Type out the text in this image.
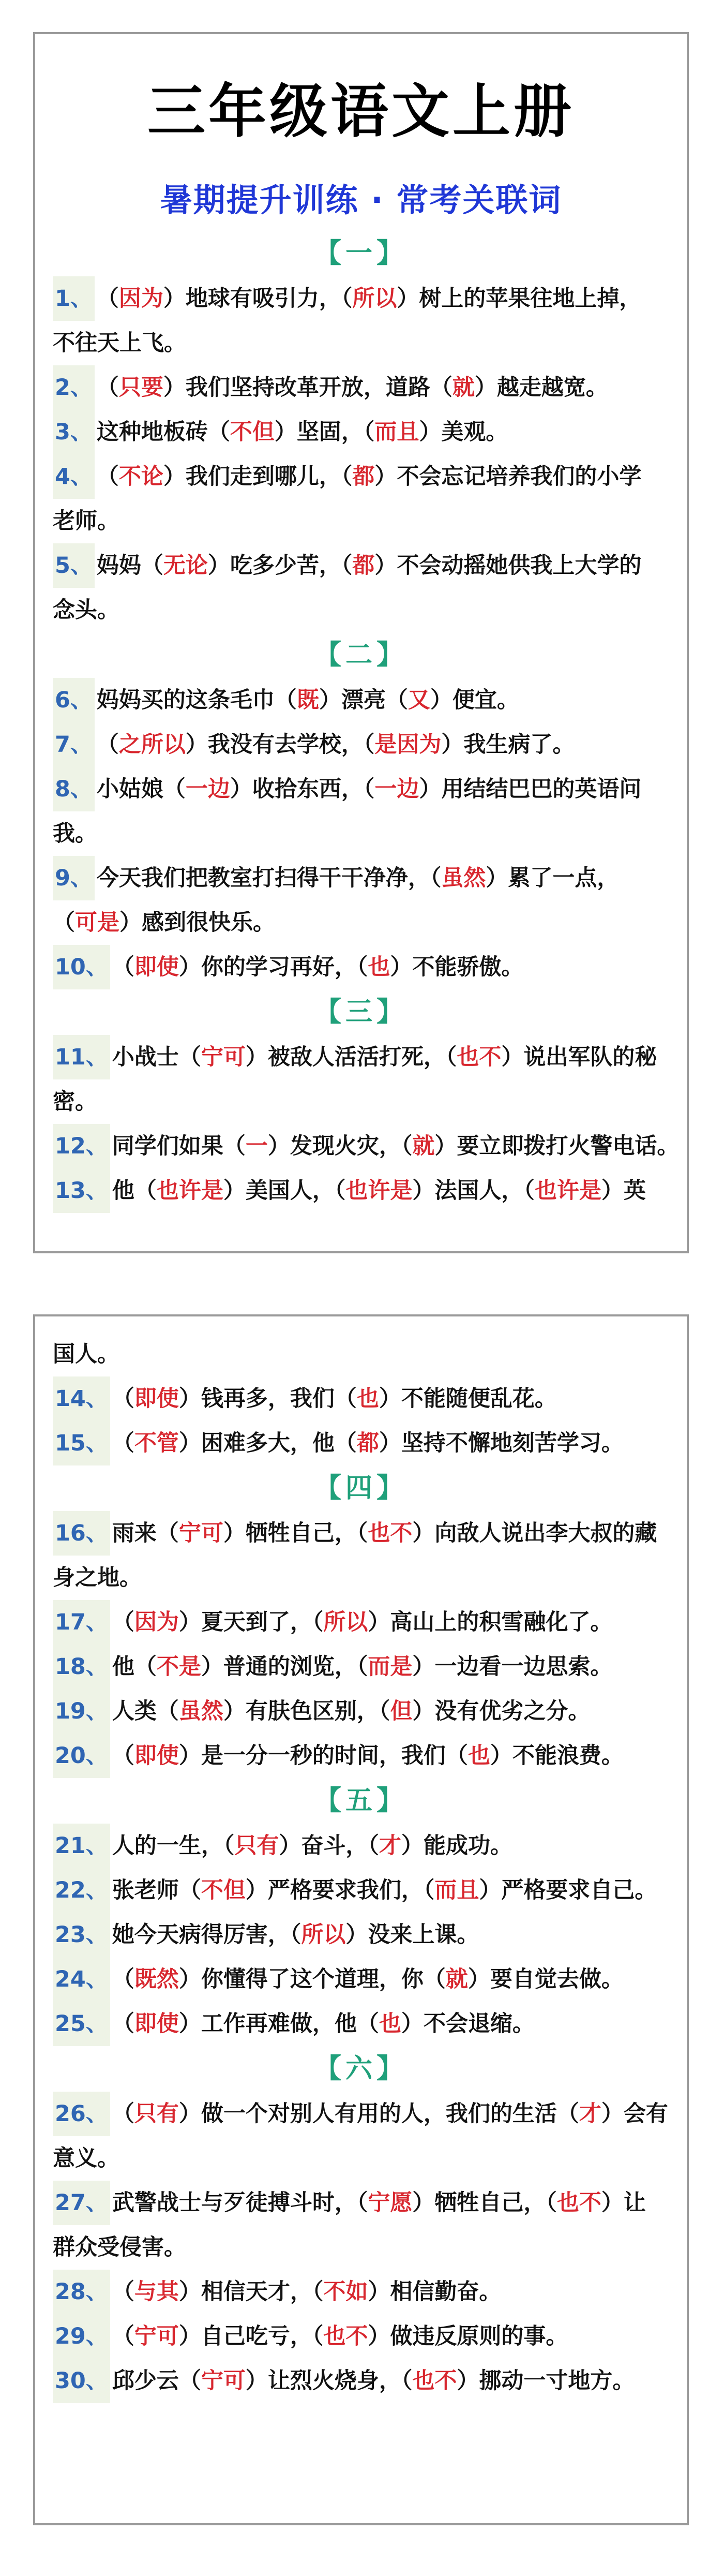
三年级语文上册
暑期提升训练 · 常考关联词
【一】
1、 （因为）地球有吸引力，（所以）树上的苹果往地上掉，
不往天上飞。
2、 （只要）我们坚持改革开放，道路（就）越走越宽。
3、 这种地板砖（不但）坚固，（而且）美观。
4、 （不论）我们走到哪儿，（都）不会忘记培养我们的小学
老师。
5、 妈妈（无论）吃多少苦，（都）不会动摇她供我上大学的
念头。
【二】
6、 妈妈买的这条毛巾（既）漂亮（又）便宜。
7、 （之所以）我没有去学校，（是因为）我生病了。
8、 小姑娘（一边）收拾东西，（一边）用结结巴巴的英语问
我。
9、 今天我们把教室打扫得干干净净，（虽然）累了一点，
（可是）感到很快乐。
10、 （即使）你的学习再好，（也）不能骄傲。
【三】
11、 小战士（宁可）被敌人活活打死，（也不）说出军队的秘
密。
12、 同学们如果（一）发现火灾，（就）要立即拨打火警电话。
13、 他（也许是）美国人，（也许是）法国人，（也许是）英
国人。
14、 （即使）钱再多，我们（也）不能随便乱花。
15、 （不管）困难多大，他（都）坚持不懈地刻苦学习。
【四】
16、 雨来（宁可）牺牲自己，（也不）向敌人说出李大叔的藏
身之地。
17、 （因为）夏天到了，（所以）高山上的积雪融化了。
18、 他（不是）普通的浏览，（而是）一边看一边思索。
19、 人类（虽然）有肤色区别，（但）没有优劣之分。
20、 （即使）是一分一秒的时间，我们（也）不能浪费。
【五】
21、 人的一生，（只有）奋斗，（才）能成功。
22、 张老师（不但）严格要求我们，（而且）严格要求自己。
23、 她今天病得厉害，（所以）没来上课。
24、 （既然）你懂得了这个道理，你（就）要自觉去做。
25、 （即使）工作再难做，他（也）不会退缩。
【六】
26、 （只有）做一个对别人有用的人，我们的生活（才）会有
意义。
27、 武警战士与歹徒搏斗时，（宁愿）牺牲自己，（也不）让
群众受侵害。
28、 （与其）相信天才，（不如）相信勤奋。
29、 （宁可）自己吃亏，（也不）做违反原则的事。
30、 邱少云（宁可）让烈火烧身，（也不）挪动一寸地方。
